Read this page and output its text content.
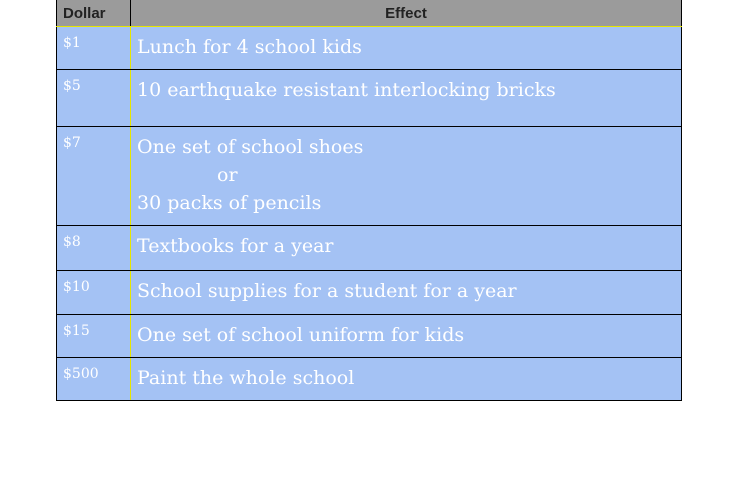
Dollar	Effect
$1	Lunch for 4 school kids

$5	10 earthquake resistant interlocking bricks

$7	One set of school shoes
or
30 packs of pencils

$8	Textbooks for a year

$10	School supplies for a student for a year

$15	One set of school uniform for kids

$500	Paint the whole school
